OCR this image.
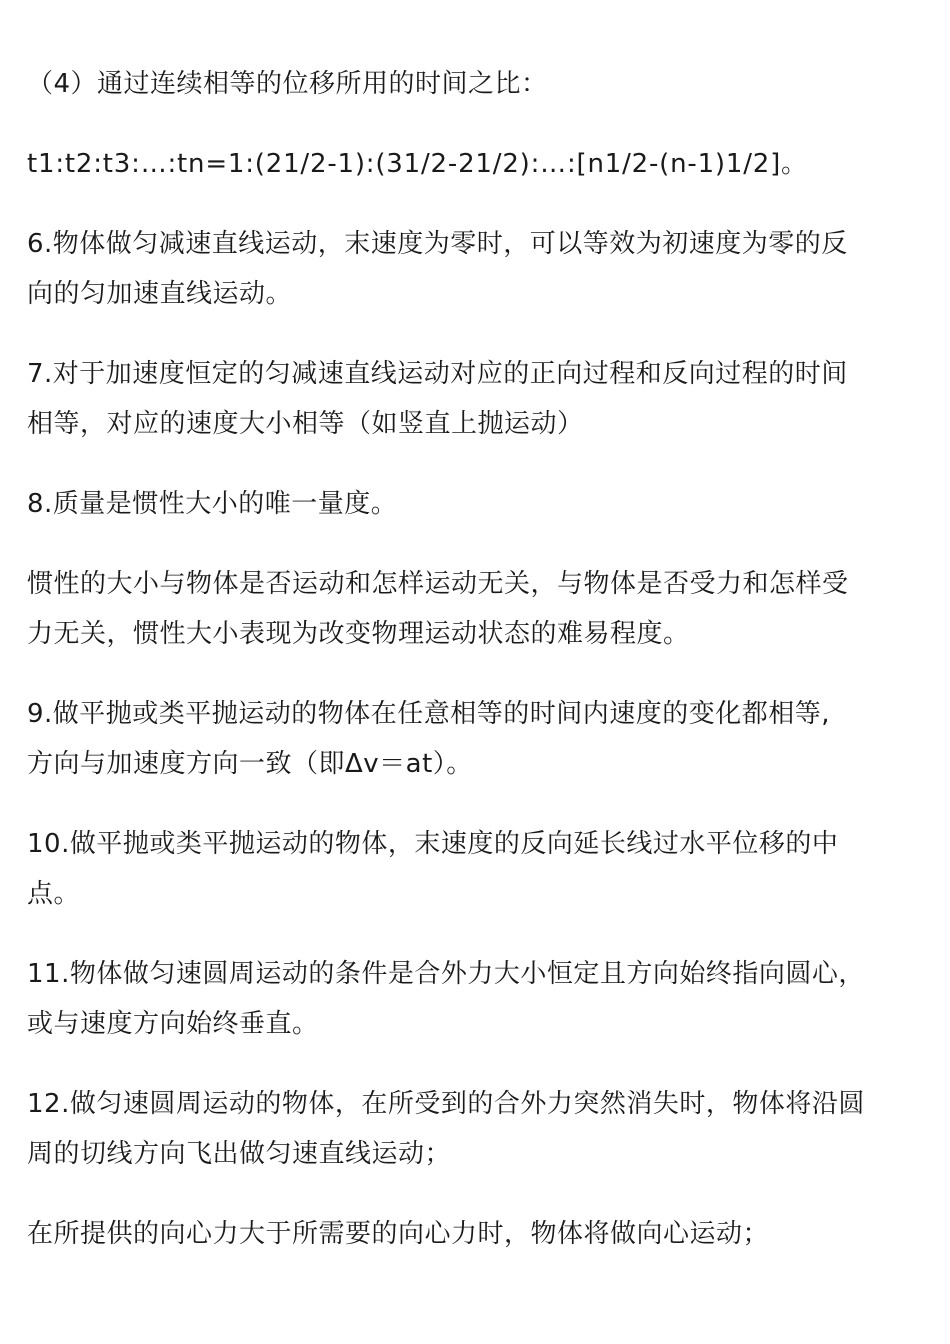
（4）通过连续相等的位移所用的时间之比：
t1:t2:t3:…:tn=1:(21/2-1):(31/2-21/2):…:[n1/2-(n-1)1/2]。
6.物体做匀减速直线运动，末速度为零时，可以等效为初速度为零的反
向的匀加速直线运动。
7.对于加速度恒定的匀减速直线运动对应的正向过程和反向过程的时间
相等，对应的速度大小相等（如竖直上抛运动）
8.质量是惯性大小的唯一量度。
惯性的大小与物体是否运动和怎样运动无关，与物体是否受力和怎样受
力无关，惯性大小表现为改变物理运动状态的难易程度。
9.做平抛或类平抛运动的物体在任意相等的时间内速度的变化都相等,
方向与加速度方向一致（即Δv＝at）。
10.做平抛或类平抛运动的物体，末速度的反向延长线过水平位移的中
点。
11.物体做匀速圆周运动的条件是合外力大小恒定且方向始终指向圆心，
或与速度方向始终垂直。
12.做匀速圆周运动的物体，在所受到的合外力突然消失时，物体将沿圆
周的切线方向飞出做匀速直线运动；
在所提供的向心力大于所需要的向心力时，物体将做向心运动；
